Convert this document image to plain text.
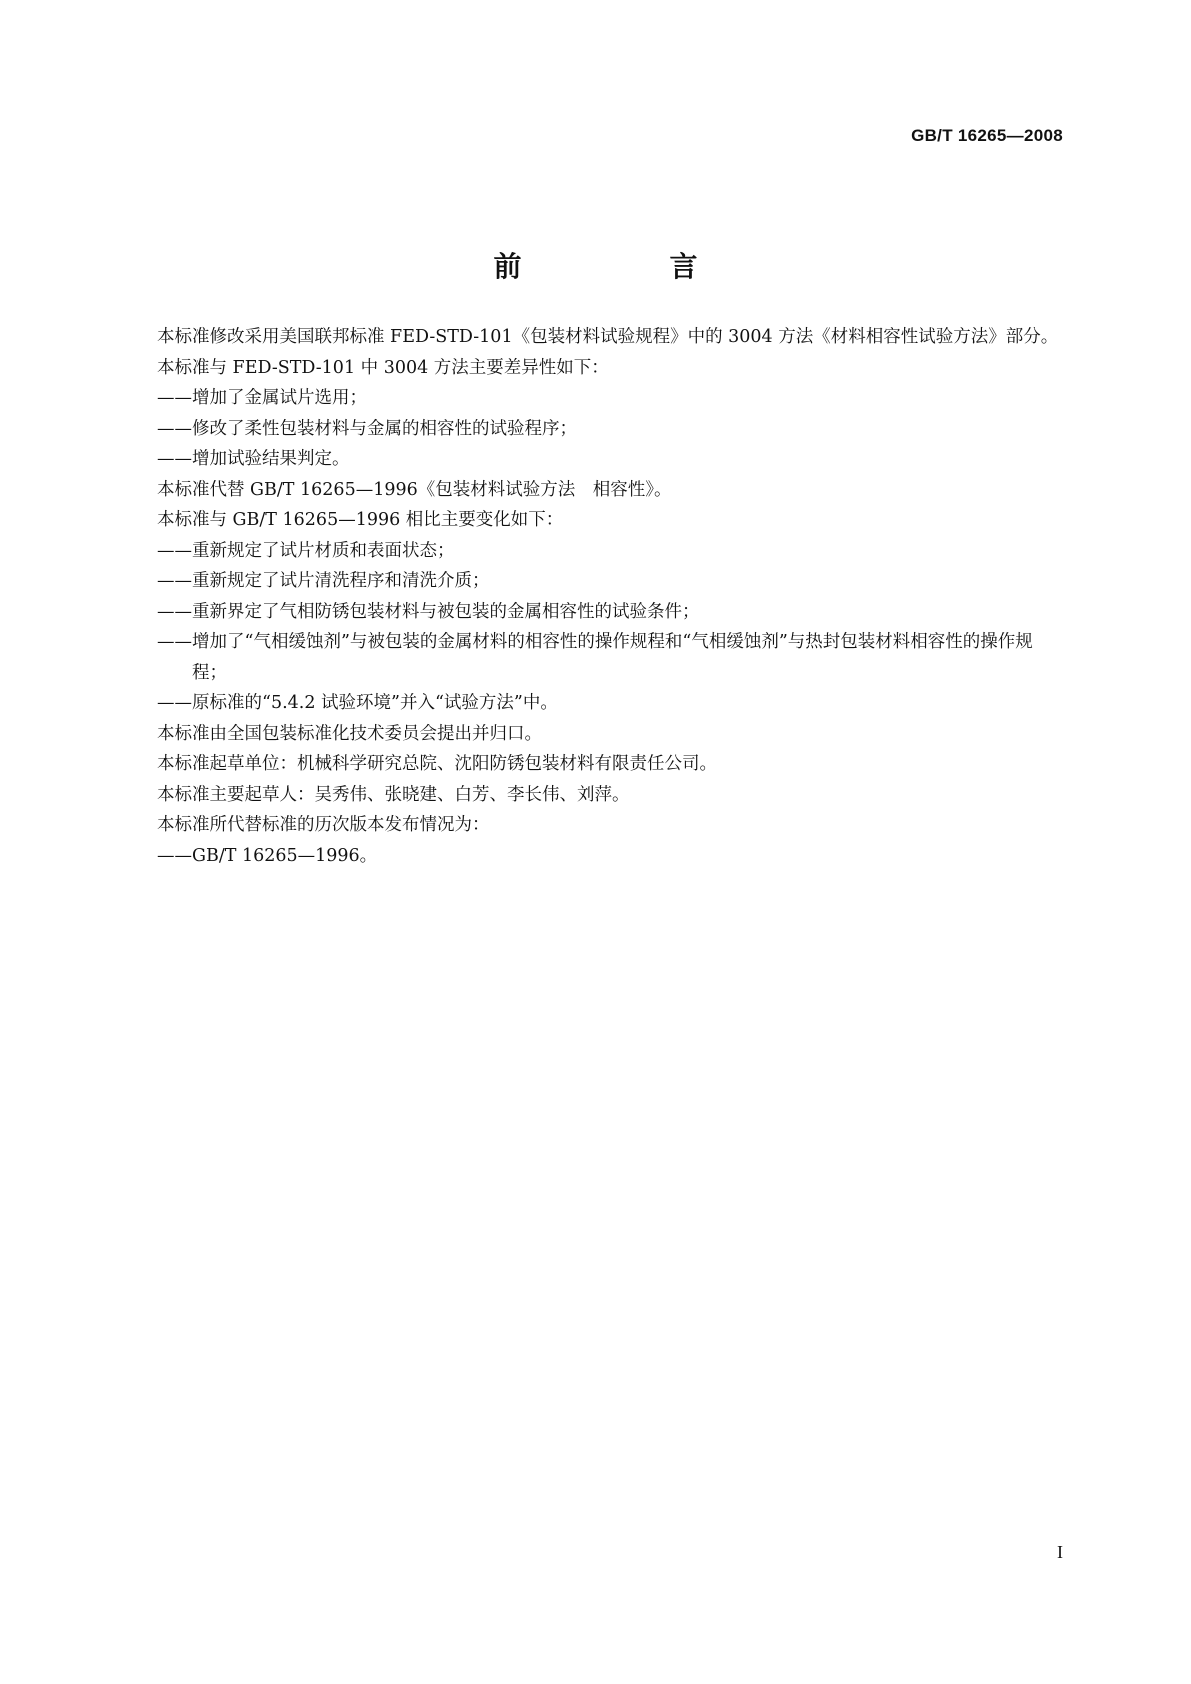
GB/T 16265—2008
前　言

本标准修改采用美国联邦标准 FED-STD-101《包装材料试验规程》中的 3004 方法《材料相容性试验方法》部分。

本标准与 FED-STD-101 中 3004 方法主要差异性如下：

——增加了金属试片选用；

——修改了柔性包装材料与金属的相容性的试验程序；

——增加试验结果判定。

本标准代替 GB/T 16265—1996《包装材料试验方法　相容性》。

本标准与 GB/T 16265—1996 相比主要变化如下：

——重新规定了试片材质和表面状态；

——重新规定了试片清洗程序和清洗介质；

——重新界定了气相防锈包装材料与被包装的金属相容性的试验条件；

——增加了“气相缓蚀剂”与被包装的金属材料的相容性的操作规程和“气相缓蚀剂”与热封包装材料相容性的操作规程；

——原标准的“5.4.2 试验环境”并入“试验方法”中。

本标准由全国包装标准化技术委员会提出并归口。

本标准起草单位：机械科学研究总院、沈阳防锈包装材料有限责任公司。

本标准主要起草人：吴秀伟、张晓建、白芳、李长伟、刘萍。

本标准所代替标准的历次版本发布情况为：

——GB/T 16265—1996。

I
